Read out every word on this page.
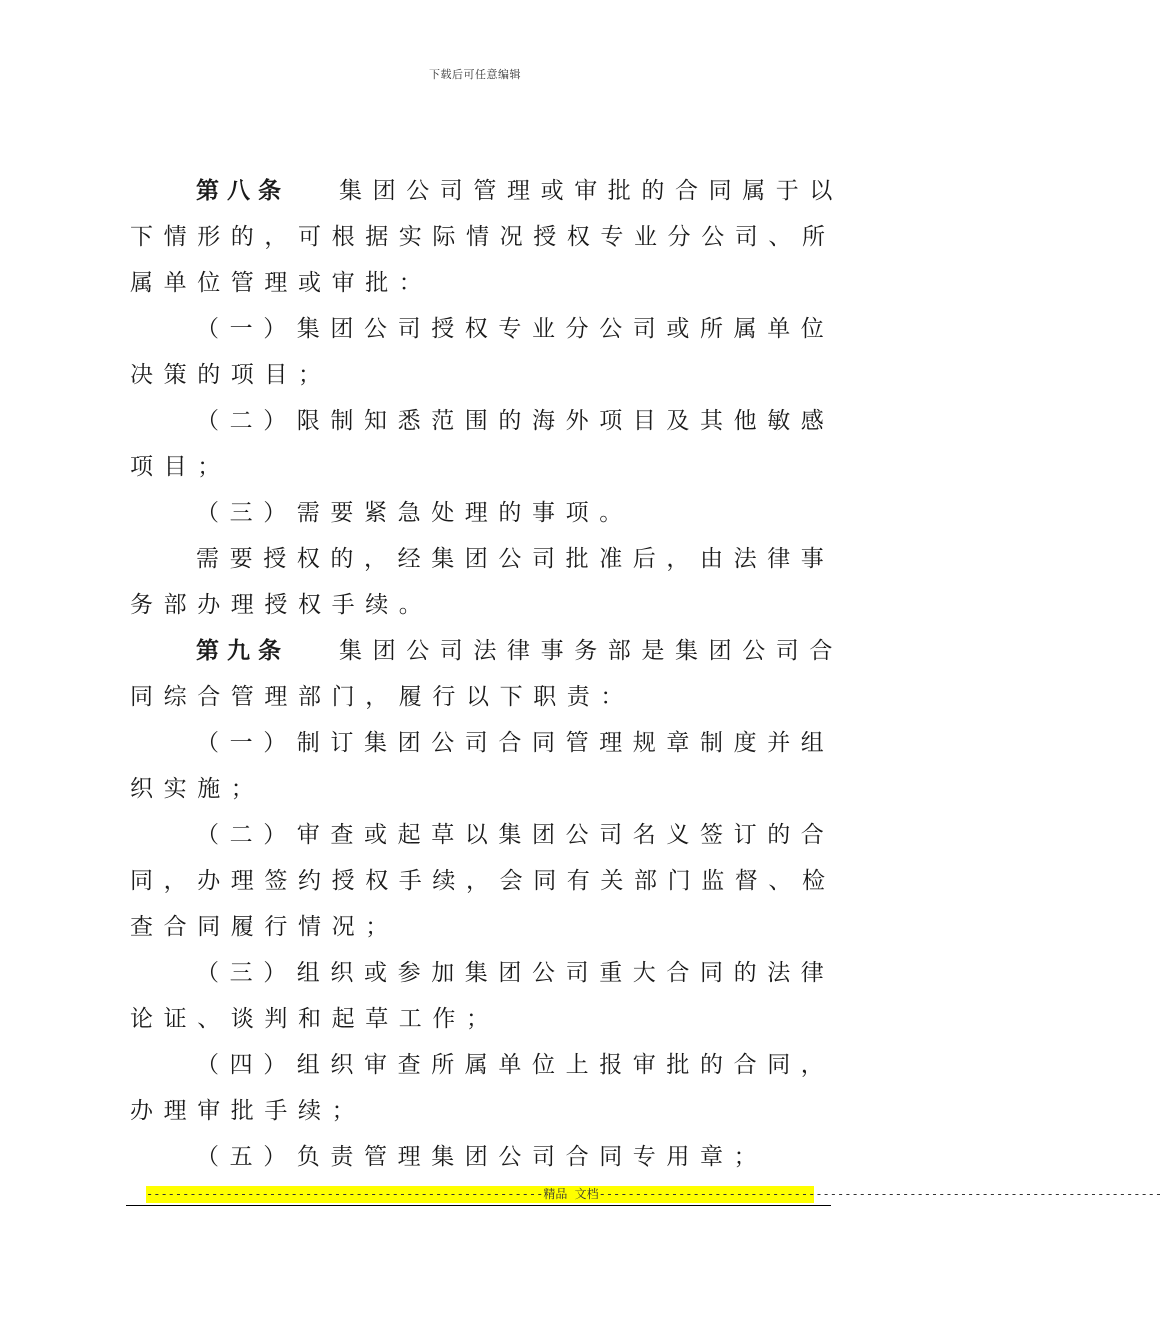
下载后可任意编辑
第八条 集团公司管理或审批的合同属于以
下情形的，可根据实际情况授权专业分公司、所
属单位管理或审批：
（一）集团公司授权专业分公司或所属单位
决策的项目；
（二）限制知悉范围的海外项目及其他敏感
项目；
（三）需要紧急处理的事项。
需要授权的，经集团公司批准后，由法律事
务部办理授权手续。
第九条 集团公司法律事务部是集团公司合
同综合管理部门，履行以下职责：
（一）制订集团公司合同管理规章制度并组
织实施；
（二）审查或起草以集团公司名义签订的合
同，办理签约授权手续，会同有关部门监督、检
查合同履行情况；
（三）组织或参加集团公司重大合同的法律
论证、谈判和起草工作；
（四）组织审查所属单位上报审批的合同，
办理审批手续；
（五）负责管理集团公司合同专用章；
-------------------------------------------------------精品 文档------------------------------------------------------------------------------
